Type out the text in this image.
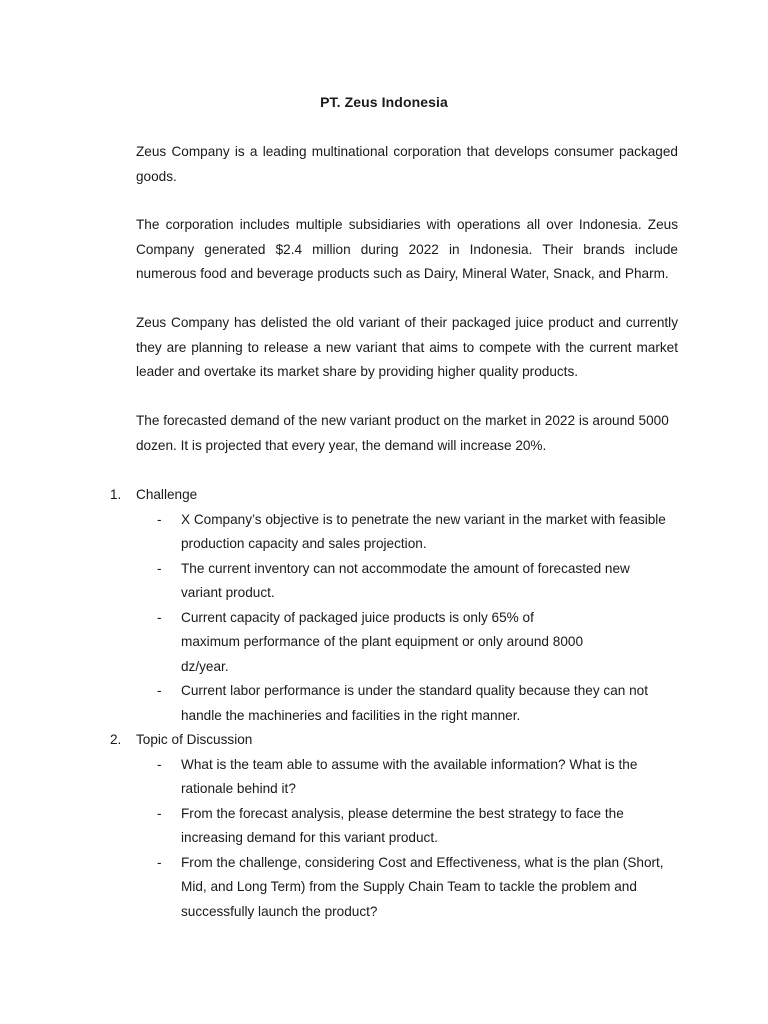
PT. Zeus Indonesia

Zeus Company is a leading multinational corporation that develops consumer packaged goods.

The corporation includes multiple subsidiaries with operations all over Indonesia. Zeus Company generated $2.4 million during 2022 in Indonesia. Their brands include numerous food and beverage products such as Dairy, Mineral Water, Snack, and Pharm.

Zeus Company has delisted the old variant of their packaged juice product and currently they are planning to release a new variant that aims to compete with the current market leader and overtake its market share by providing higher quality products.

The forecasted demand of the new variant product on the market in 2022 is around 5000 dozen. It is projected that every year, the demand will increase 20%.

1. Challenge
- X Company’s objective is to penetrate the new variant in the market with feasible production capacity and sales projection.
- The current inventory can not accommodate the amount of forecasted new variant product.
- Current capacity of packaged juice products is only 65% of maximum performance of the plant equipment or only around 8000 dz/year.
- Current labor performance is under the standard quality because they can not handle the machineries and facilities in the right manner.
2. Topic of Discussion
- What is the team able to assume with the available information? What is the rationale behind it?
- From the forecast analysis, please determine the best strategy to face the increasing demand for this variant product.
- From the challenge, considering Cost and Effectiveness, what is the plan (Short, Mid, and Long Term) from the Supply Chain Team to tackle the problem and successfully launch the product?
